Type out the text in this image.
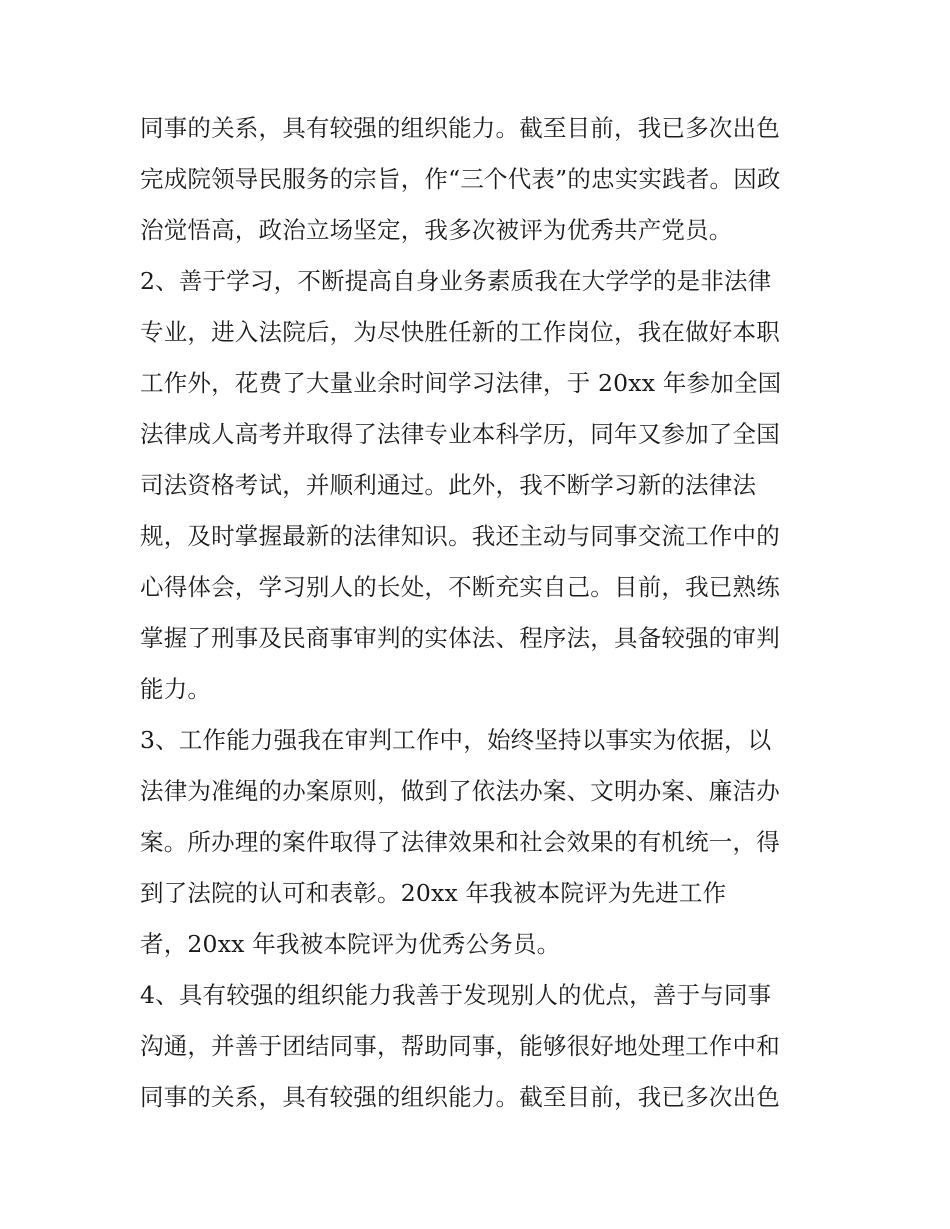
同事的关系，具有较强的组织能力。截至目前，我已多次出色
完成院领导民服务的宗旨，作“三个代表”的忠实实践者。因政
治觉悟高，政治立场坚定，我多次被评为优秀共产党员。
2、善于学习，不断提高自身业务素质我在大学学的是非法律
专业，进入法院后，为尽快胜任新的工作岗位，我在做好本职
工作外，花费了大量业余时间学习法律，于 20xx 年参加全国
法律成人高考并取得了法律专业本科学历，同年又参加了全国
司法资格考试，并顺利通过。此外，我不断学习新的法律法
规，及时掌握最新的法律知识。我还主动与同事交流工作中的
心得体会，学习别人的长处，不断充实自己。目前，我已熟练
掌握了刑事及民商事审判的实体法、程序法，具备较强的审判
能力。
3、工作能力强我在审判工作中，始终坚持以事实为依据，以
法律为准绳的办案原则，做到了依法办案、文明办案、廉洁办
案。所办理的案件取得了法律效果和社会效果的有机统一，得
到了法院的认可和表彰。20xx 年我被本院评为先进工作
者，20xx 年我被本院评为优秀公务员。
4、具有较强的组织能力我善于发现别人的优点，善于与同事
沟通，并善于团结同事，帮助同事，能够很好地处理工作中和
同事的关系，具有较强的组织能力。截至目前，我已多次出色
